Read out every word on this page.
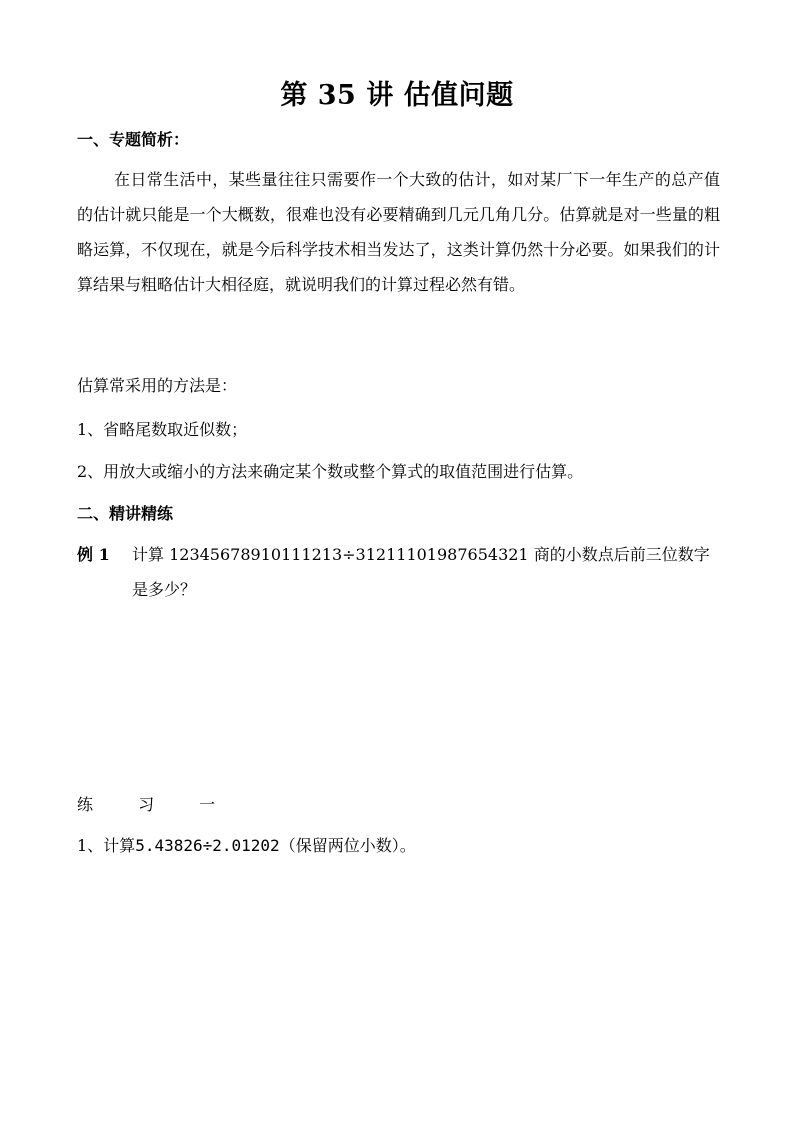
第 35 讲 估值问题
一、专题简析：
在日常生活中，某些量往往只需要作一个大致的估计，如对某厂下一年生产的总产值的估计就只能是一个大概数，很难也没有必要精确到几元几角几分。估算就是对一些量的粗略运算，不仅现在，就是今后科学技术相当发达了，这类计算仍然十分必要。如果我们的计算结果与粗略估计大相径庭，就说明我们的计算过程必然有错。
估算常采用的方法是：
1、省略尾数取近似数；
2、用放大或缩小的方法来确定某个数或整个算式的取值范围进行估算。
二、精讲精练
例 1 计算 12345678910111213÷31211101987654321 商的小数点后前三位数字
是多少？
练 习 一
1、计算5.43826÷2.01202（保留两位小数）。
